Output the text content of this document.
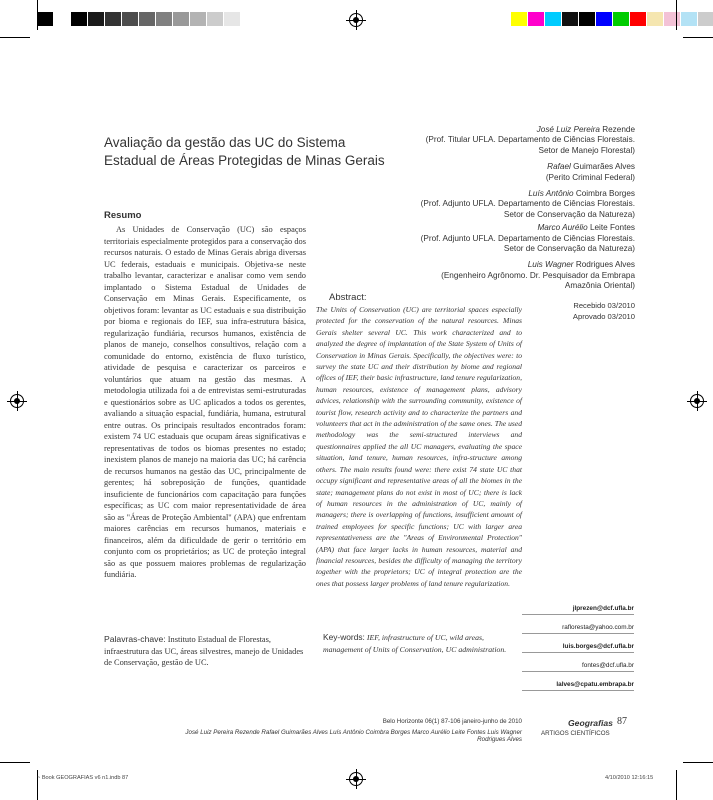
Avaliação da gestão das UC do Sistema
Estadual de Áreas Protegidas de Minas Gerais
José Luiz Pereira Rezende
(Prof. Titular UFLA. Departamento de Ciências Florestais.
Setor de Manejo Florestal)
Rafael Guimarães Alves
(Perito Criminal Federal)
Luís Antônio Coimbra Borges
(Prof. Adjunto UFLA. Departamento de Ciências Florestais.
Setor de Conservação da Natureza)
Marco Aurélio Leite Fontes
(Prof. Adjunto UFLA. Departamento de Ciências Florestais.
Setor de Conservação da Natureza)
Luis Wagner Rodrigues Alves
(Engenheiro Agrônomo. Dr. Pesquisador da Embrapa
Amazônia Oriental)
Recebido 03/2010
Aprovado 03/2010
Resumo
As Unidades de Conservação (UC) são espaços territoriais especialmente protegidos para a conservação dos recursos naturais. O estado de Minas Gerais abriga diversas UC federais, estaduais e municipais. Objetiva-se neste trabalho levantar, caracterizar e analisar como vem sendo implantado o Sistema Estadual de Unidades de Conservação em Minas Gerais. Especificamente, os objetivos foram: levantar as UC estaduais e sua distribuição por bioma e regionais do IEF, sua infra-estrutura básica, regularização fundiária, recursos humanos, existência de planos de manejo, conselhos consultivos, relação com a comunidade do entorno, existência de fluxo turístico, atividade de pesquisa e caracterizar os parceiros e voluntários que atuam na gestão das mesmas. A metodologia utilizada foi a de entrevistas semi-estruturadas e questionários sobre as UC aplicados a todos os gerentes, avaliando a situação espacial, fundiária, humana, estrutural entre outras. Os principais resultados encontrados foram: existem 74 UC estaduais que ocupam áreas significativas e representativas de todos os biomas presentes no estado; inexistem planos de manejo na maioria das UC; há carência de recursos humanos na gestão das UC, principalmente de gerentes; há sobreposição de funções, quantidade insuficiente de funcionários com capacitação para funções específicas; as UC com maior representatividade de área são as "Áreas de Proteção Ambiental" (APA) que enfrentam maiores carências em recursos humanos, materiais e financeiros, além da dificuldade de gerir o território em conjunto com os proprietários; as UC de proteção integral são as que possuem maiores problemas de regularização fundiária.
Palavras-chave: Instituto Estadual de Florestas, infraestrutura das UC, áreas silvestres, manejo de Unidades de Conservação, gestão de UC.
Abstract:
The Units of Conservation (UC) are territorial spaces especially protected for the conservation of the natural resources. Minas Gerais shelter several UC. This work characterized and to analyzed the degree of implantation of the State System of Units of Conservation in Minas Gerais. Specifically, the objectives were: to survey the state UC and their distribution by biome and regional offices of IEF, their basic infrastructure, land tenure regularization, human resources, existence of management plans, advisory advices, relationship with the surrounding community, existence of tourist flow, research activity and to characterize the partners and volunteers that act in the administration of the same ones. The used methodology was the semi-structured interviews and questionnaires applied the all UC managers, evaluating the space situation, land tenure, human resources, infra-structure among others. The main results found were: there exist 74 state UC that occupy significant and representative areas of all the biomes in the state; management plans do not exist in most of UC; there is lack of human resources in the administration of UC, mainly of managers; there is overlapping of functions, insufficient amount of trained employees for specific functions; UC with larger area representativeness are the "Areas of Environmental Protection" (APA) that face larger lacks in human resources, material and financial resources, besides the difficulty of managing the territory together with the proprietors; UC of integral protection are the ones that possess larger problems of land tenure regularization.
Key-words: IEF, infrastructure of UC, wild areas, management of Units of Conservation, UC administration.
jlprezen@dcf.ufla.br
rafloresta@yahoo.com.br
luis.borges@dcf.ufla.br
fontes@dcf.ufla.br
lalves@cpatu.embrapa.br
Belo Horizonte 06(1) 87-106 janeiro-junho de 2010
José Luiz Pereira Rezende Rafael Guimarães Alves Luís Antônio Coimbra Borges Marco Aurélio Leite Fontes Luis Wagner Rodrigues Alves
Geografias 87
ARTIGOS CIENTÍFICOS
~ Book GEOGRAFIAS v6 n1.indb 87	4/10/2010 12:16:15
